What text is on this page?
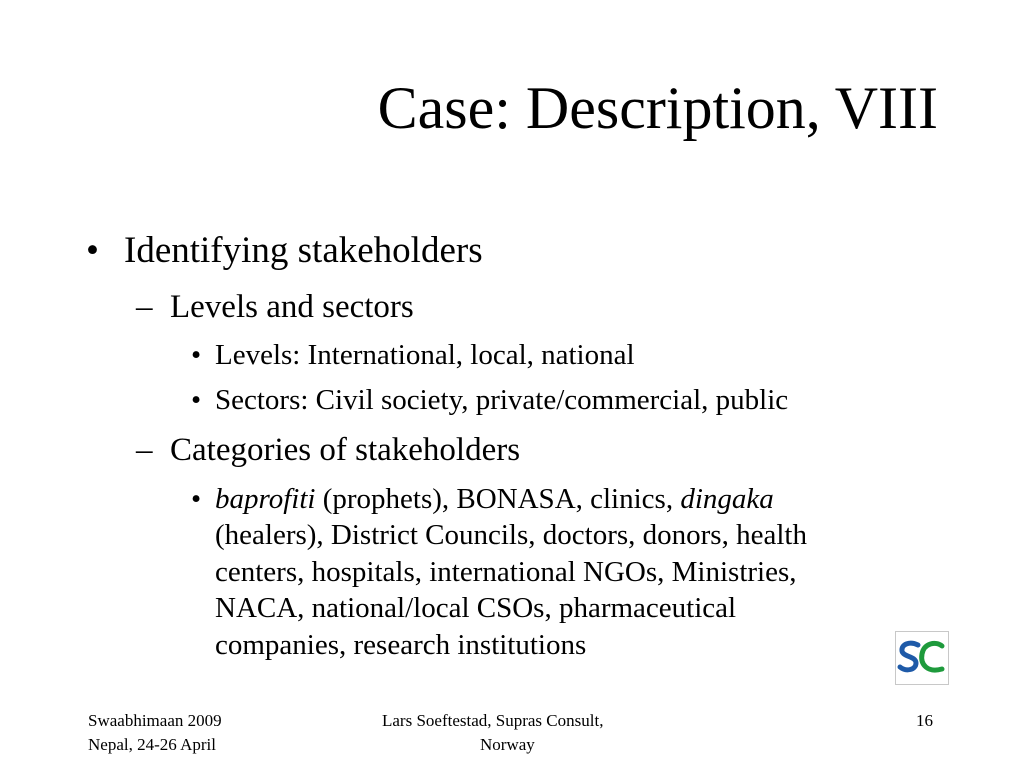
Case: Description, VIII
• Identifying stakeholders
– Levels and sectors
• Levels: International, local, national
• Sectors: Civil society, private/commercial, public
– Categories of stakeholders
• baprofiti (prophets), BONASA, clinics, dingaka
(healers), District Councils, doctors, donors, health
centers, hospitals, international NGOs, Ministries,
NACA, national/local CSOs, pharmaceutical
companies, research institutions
Swaabhimaan 2009
Nepal, 24-26 April
Lars Soeftestad, Supras Consult,
Norway
16
